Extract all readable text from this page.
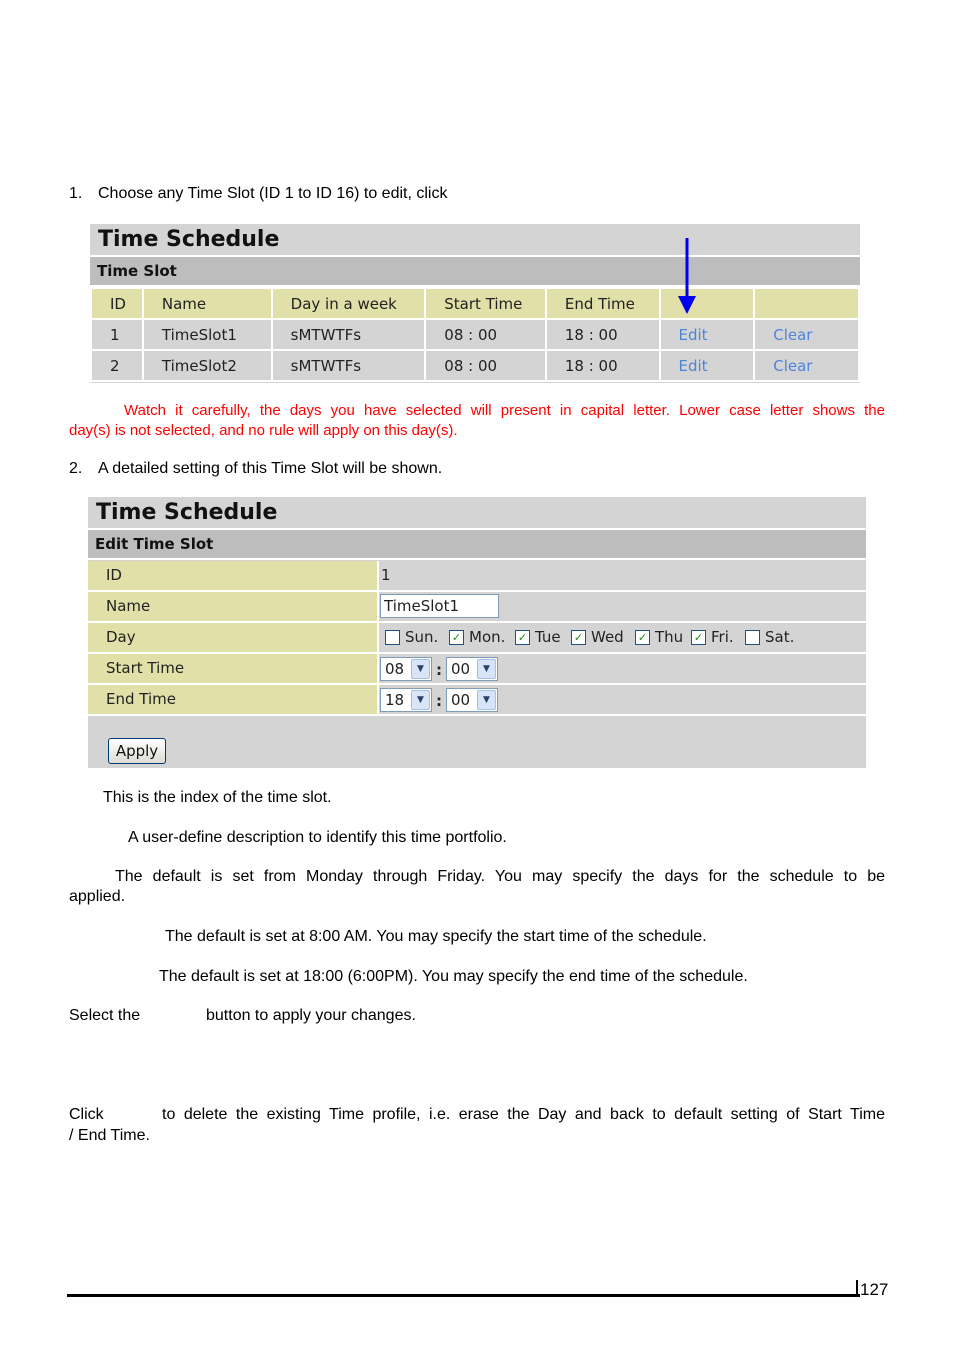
1. Choose any Time Slot (ID 1 to ID 16) to edit, click
Time Schedule
Time Slot
ID	Name	Day in a week	Start Time	End Time		
1	TimeSlot1	sMTWTFs	08 : 00	18 : 00	Edit	Clear
2	TimeSlot2	sMTWTFs	08 : 00	18 : 00	Edit	Clear
Watch it carefully, the days you have selected will present in capital letter. Lower case letter shows the
day(s) is not selected, and no rule will apply on this day(s).
2. A detailed setting of this Time Slot will be shown.
Time Schedule
Edit Time Slot
ID	1
Name	TimeSlot1
Day	Sun. ✓ Mon. ✓ Tue ✓ Wed ✓ Thu ✓ Fri. Sat.
Start Time	08	▼ : 00	▼
End Time	18	▼ : 00	▼
Apply
This is the index of the time slot.
A user-define description to identify this time portfolio.
The default is set from Monday through Friday. You may specify the days for the schedule to be
applied.
The default is set at 8:00 AM. You may specify the start time of the schedule.
The default is set at 18:00 (6:00PM). You may specify the end time of the schedule.
Select the	button to apply your changes.
Click	to delete the existing Time profile, i.e. erase the Day and back to default setting of Start Time
/ End Time.
127
